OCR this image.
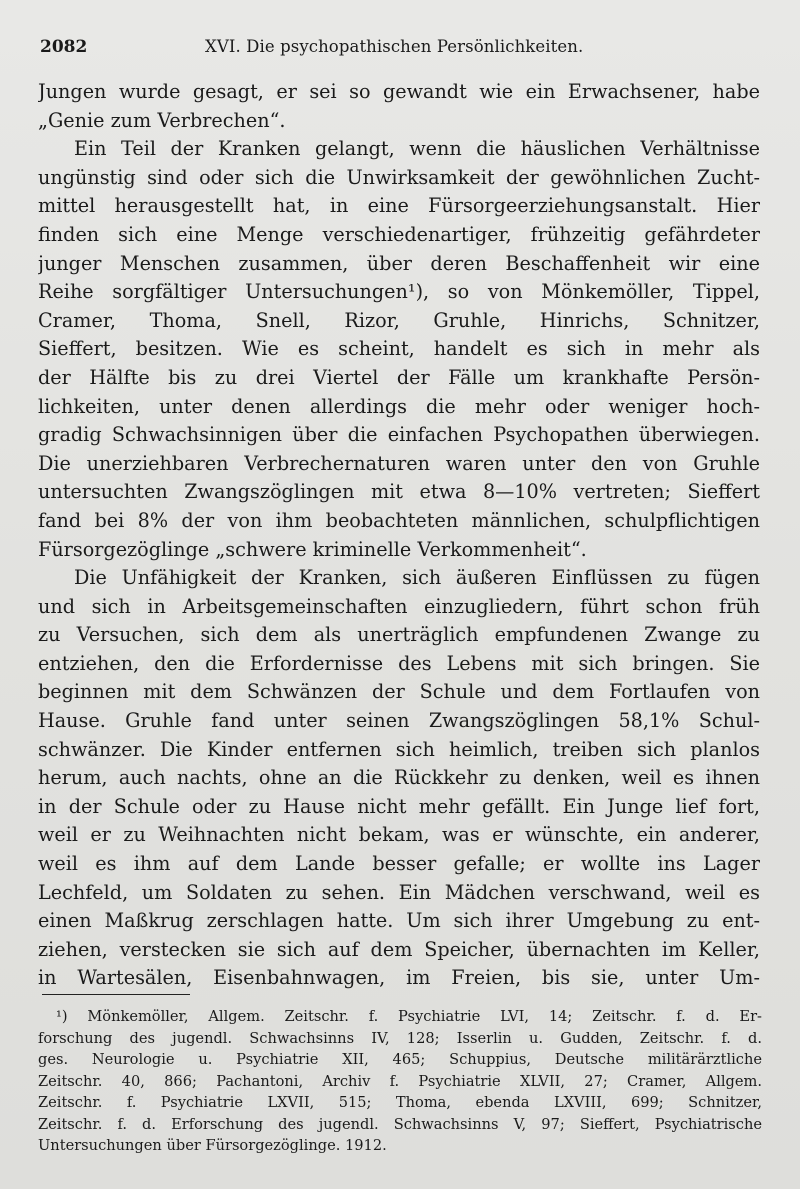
2082	XVI. Die psychopathischen Persönlichkeiten.
Jungen wurde gesagt, er sei so gewandt wie ein Erwachsener, habe
„Genie zum Verbrechen“.
Ein Teil der Kranken gelangt, wenn die häuslichen Verhältnisse
ungünstig sind oder sich die Unwirksamkeit der gewöhnlichen Zucht-
mittel herausgestellt hat, in eine Fürsorgeerziehungsanstalt. Hier
finden sich eine Menge verschiedenartiger, frühzeitig gefährdeter
junger Menschen zusammen, über deren Beschaffenheit wir eine
Reihe sorgfältiger Untersuchungen¹), so von Mönkemöller, Tippel,
Cramer, Thoma, Snell, Rizor, Gruhle, Hinrichs, Schnitzer,
Sieffert, besitzen. Wie es scheint, handelt es sich in mehr als
der Hälfte bis zu drei Viertel der Fälle um krankhafte Persön-
lichkeiten, unter denen allerdings die mehr oder weniger hoch-
gradig Schwachsinnigen über die einfachen Psychopathen überwiegen.
Die unerziehbaren Verbrechernaturen waren unter den von Gruhle
untersuchten Zwangszöglingen mit etwa 8—10% vertreten; Sieffert
fand bei 8% der von ihm beobachteten männlichen, schulpflichtigen
Fürsorgezöglinge „schwere kriminelle Verkommenheit“.
Die Unfähigkeit der Kranken, sich äußeren Einflüssen zu fügen
und sich in Arbeitsgemeinschaften einzugliedern, führt schon früh
zu Versuchen, sich dem als unerträglich empfundenen Zwange zu
entziehen, den die Erfordernisse des Lebens mit sich bringen. Sie
beginnen mit dem Schwänzen der Schule und dem Fortlaufen von
Hause. Gruhle fand unter seinen Zwangszöglingen 58,1% Schul-
schwänzer. Die Kinder entfernen sich heimlich, treiben sich planlos
herum, auch nachts, ohne an die Rückkehr zu denken, weil es ihnen
in der Schule oder zu Hause nicht mehr gefällt. Ein Junge lief fort,
weil er zu Weihnachten nicht bekam, was er wünschte, ein anderer,
weil es ihm auf dem Lande besser gefalle; er wollte ins Lager
Lechfeld, um Soldaten zu sehen. Ein Mädchen verschwand, weil es
einen Maßkrug zerschlagen hatte. Um sich ihrer Umgebung zu ent-
ziehen, verstecken sie sich auf dem Speicher, übernachten im Keller,
in Wartesälen, Eisenbahnwagen, im Freien, bis sie, unter Um-
¹) Mönkemöller, Allgem. Zeitschr. f. Psychiatrie LVI, 14; Zeitschr. f. d. Er-
forschung des jugendl. Schwachsinns IV, 128; Isserlin u. Gudden, Zeitschr. f. d.
ges. Neurologie u. Psychiatrie XII, 465; Schuppius, Deutsche militärärztliche
Zeitschr. 40, 866; Pachantoni, Archiv f. Psychiatrie XLVII, 27; Cramer, Allgem.
Zeitschr. f. Psychiatrie LXVII, 515; Thoma, ebenda LXVIII, 699; Schnitzer,
Zeitschr. f. d. Erforschung des jugendl. Schwachsinns V, 97; Sieffert, Psychiatrische
Untersuchungen über Fürsorgezöglinge. 1912.
